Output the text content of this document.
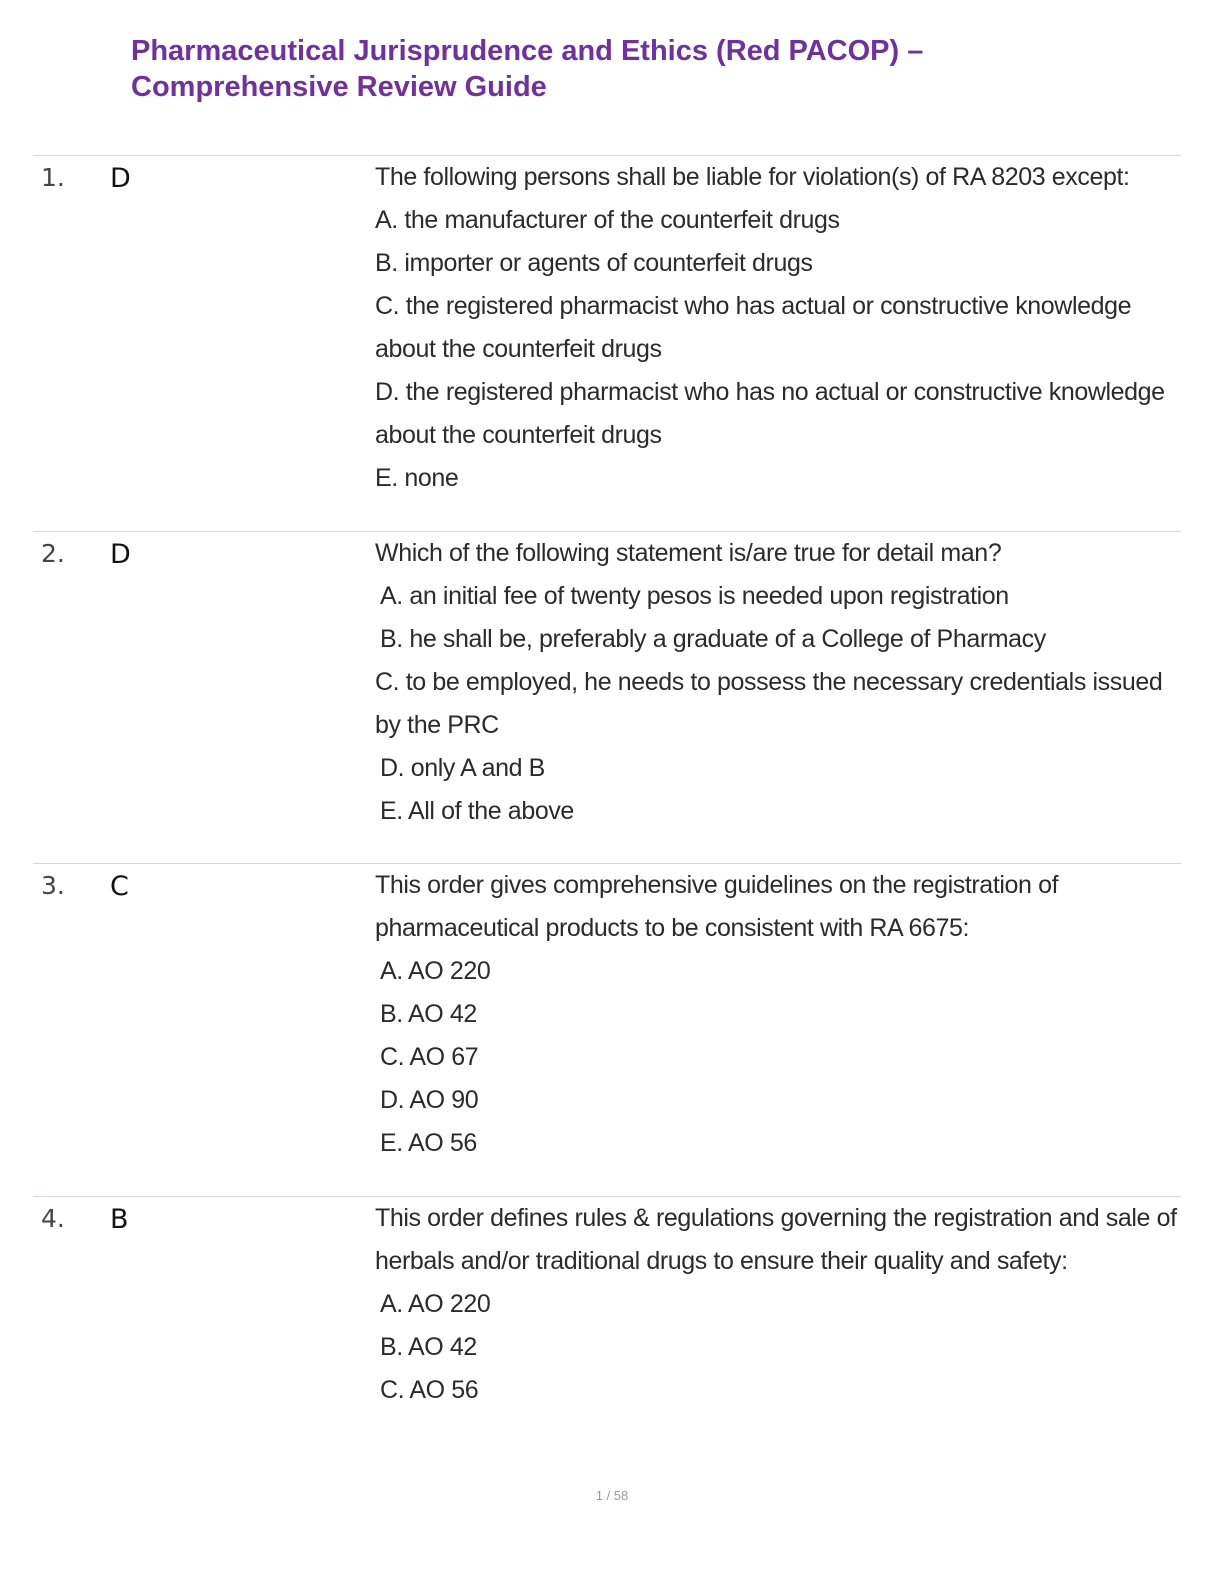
Pharmaceutical Jurisprudence and Ethics (Red PACOP) –
Comprehensive Review Guide
1. D	The following persons shall be liable for violation(s) of RA 8203 except:
A. the manufacturer of the counterfeit drugs
B. importer or agents of counterfeit drugs
C. the registered pharmacist who has actual or constructive knowledge about the counterfeit drugs
D. the registered pharmacist who has no actual or constructive knowledge about the counterfeit drugs
E. none
2. D	Which of the following statement is/are true for detail man?
A. an initial fee of twenty pesos is needed upon registration
B. he shall be, preferably a graduate of a College of Pharmacy
C. to be employed, he needs to possess the necessary credentials issued by the PRC
D. only A and B
E. All of the above
3. C	This order gives comprehensive guidelines on the registration of pharmaceutical products to be consistent with RA 6675:
A. AO 220
B. AO 42
C. AO 67
D. AO 90
E. AO 56
4. B	This order defines rules & regulations governing the registration and sale of herbals and/or traditional drugs to ensure their quality and safety:
A. AO 220
B. AO 42
C. AO 56
1 / 58
